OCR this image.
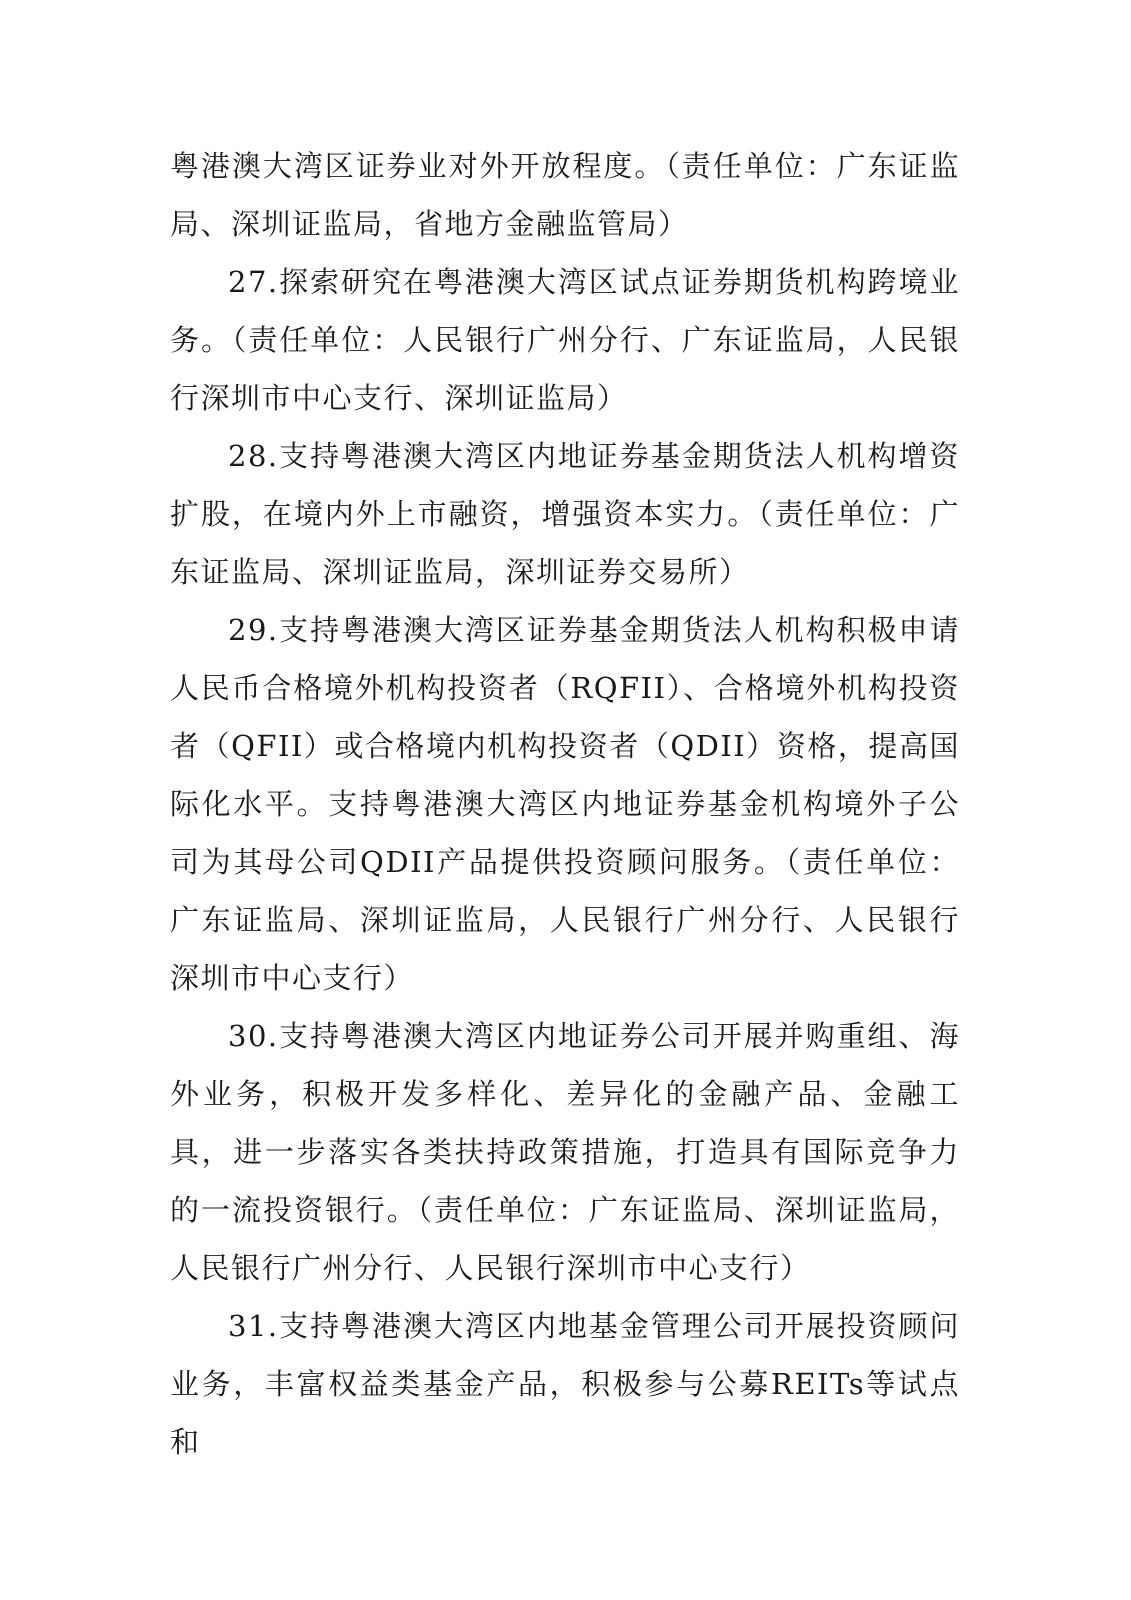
粤港澳大湾区证券业对外开放程度。（责任单位：广东证监局、深圳证监局，省地方金融监管局）

27.探索研究在粤港澳大湾区试点证券期货机构跨境业务。（责任单位：人民银行广州分行、广东证监局，人民银行深圳市中心支行、深圳证监局）

28.支持粤港澳大湾区内地证券基金期货法人机构增资扩股，在境内外上市融资，增强资本实力。（责任单位：广东证监局、深圳证监局，深圳证券交易所）

29.支持粤港澳大湾区证券基金期货法人机构积极申请人民币合格境外机构投资者（RQFII）、合格境外机构投资者（QFII）或合格境内机构投资者（QDII）资格，提高国际化水平。支持粤港澳大湾区内地证券基金机构境外子公司为其母公司QDII产品提供投资顾问服务。（责任单位：广东证监局、深圳证监局，人民银行广州分行、人民银行深圳市中心支行）

30.支持粤港澳大湾区内地证券公司开展并购重组、海外业务，积极开发多样化、差异化的金融产品、金融工具，进一步落实各类扶持政策措施，打造具有国际竞争力的一流投资银行。（责任单位：广东证监局、深圳证监局，人民银行广州分行、人民银行深圳市中心支行）

31.支持粤港澳大湾区内地基金管理公司开展投资顾问业务，丰富权益类基金产品，积极参与公募REITs等试点和
